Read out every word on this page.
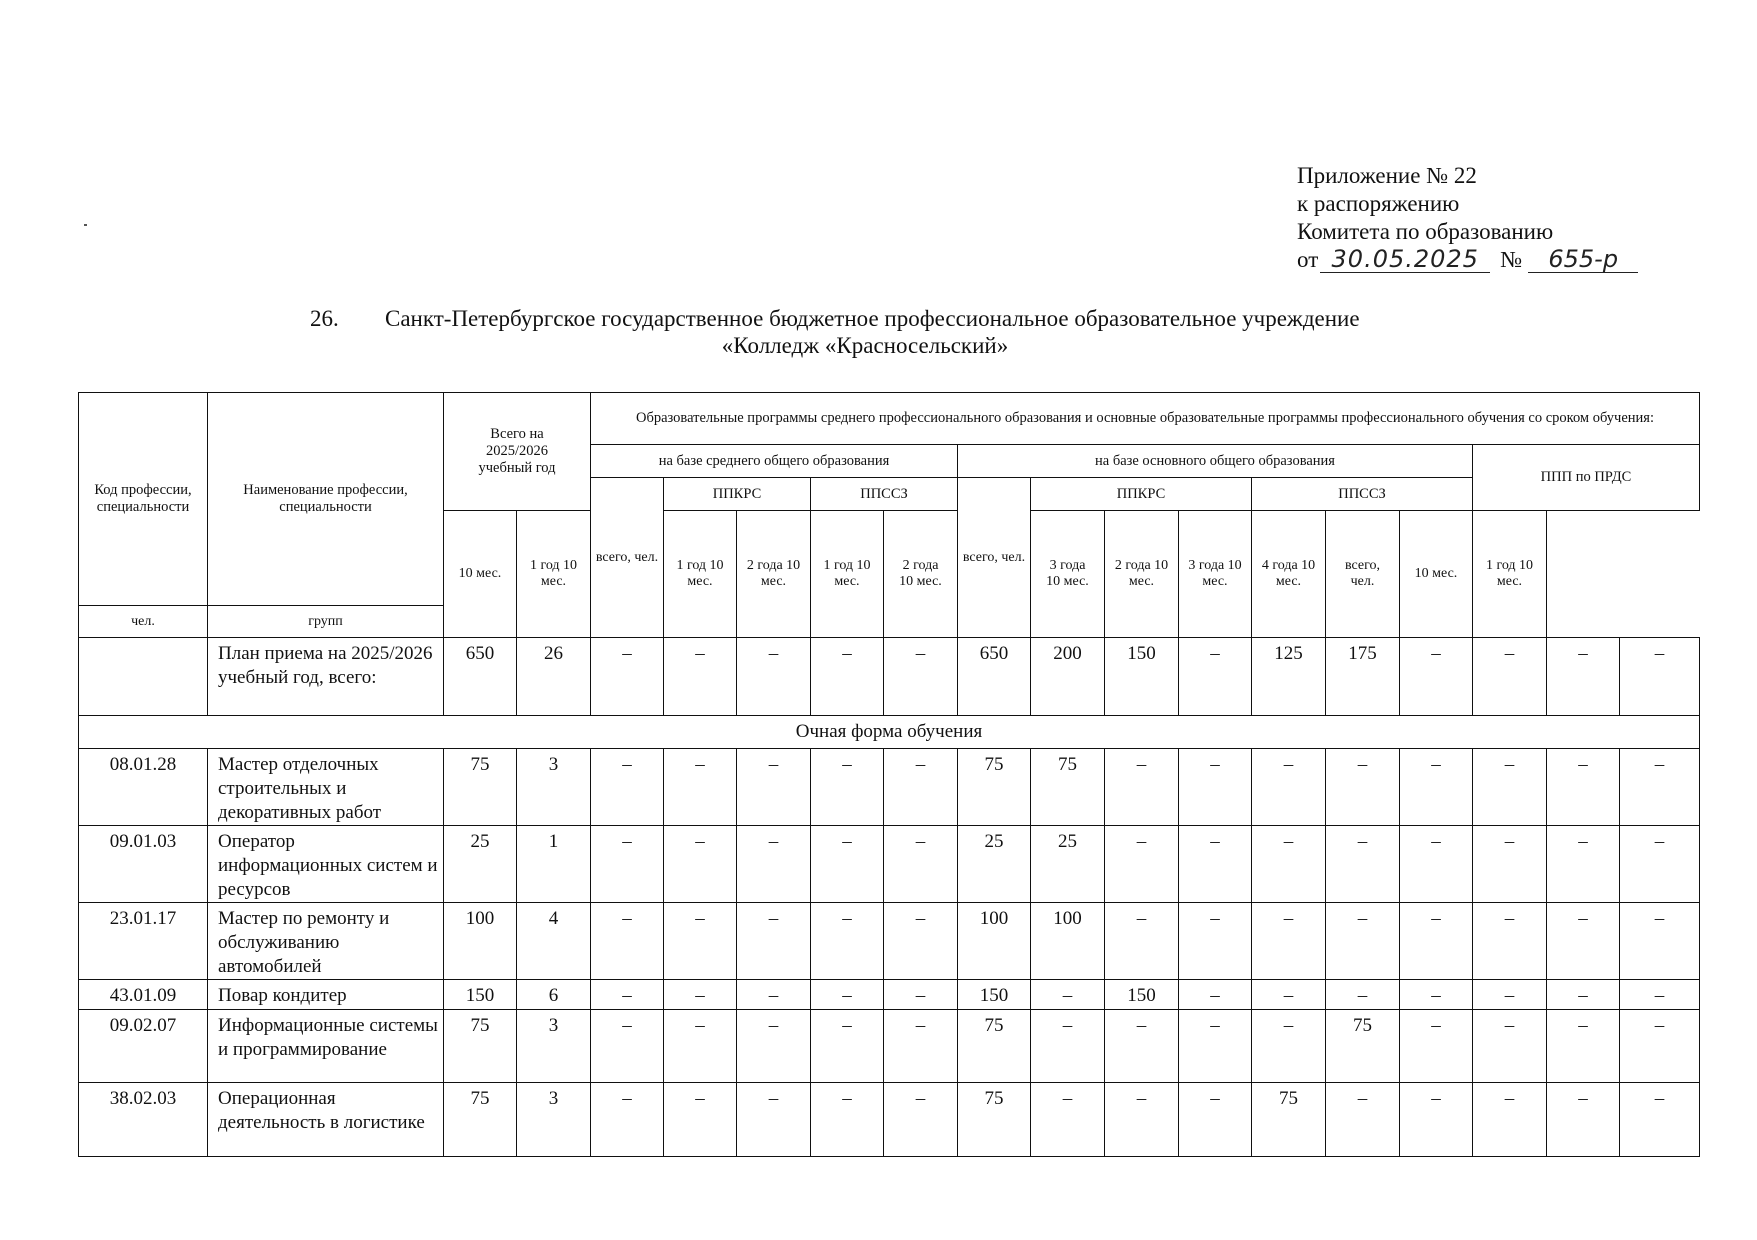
Приложение № 22
к распоряжению
Комитета по образованию
от 30.05.2025 № 655-р
26. Санкт-Петербургское государственное бюджетное профессиональное образовательное учреждение
«Колледж «Красносельский»
Код профессии, специальности	Наименование профессии, специальности	Всего на 2025/2026 учебный год		Образовательные программы среднего профессионального образования и основные образовательные программы профессионального обучения со сроком обучения:														
				на базе среднего общего образования					на базе основного общего образования							ППП по ПРДС		
				всего, чел.	ППКРС		ППССЗ		всего, чел.	ППКРС			ППССЗ					
		10 мес.	1 год 10 мес.		1 год 10 мес.	2 года 10 мес.	1 год 10 мес.	2 года 10 мес.		3 года 10 мес.	2 года 10 мес.	3 года 10 мес.	4 года 10 мес.	всего, чел.	10 мес.	1 год 10 мес.		
чел.	групп																	
	План приема на 2025/2026 учебный год, всего:	650	26	–	–	–	–	–	650	200	150	–	125	175	–	–	–	–
Очная форма обучения																		
08.01.28	Мастер отделочных строительных и декоративных работ	75	3	–	–	–	–	–	75	75	–	–	–	–	–	–	–	–
09.01.03	Оператор информационных систем и ресурсов	25	1	–	–	–	–	–	25	25	–	–	–	–	–	–	–	–
23.01.17	Мастер по ремонту и обслуживанию автомобилей	100	4	–	–	–	–	–	100	100	–	–	–	–	–	–	–	–
43.01.09	Повар кондитер	150	6	–	–	–	–	–	150	–	150	–	–	–	–	–	–	–
09.02.07	Информационные системы и программирование	75	3	–	–	–	–	–	75	–	–	–	–	75	–	–	–	–
38.02.03	Операционная деятельность в логистике	75	3	–	–	–	–	–	75	–	–	–	75	–	–	–	–	–
